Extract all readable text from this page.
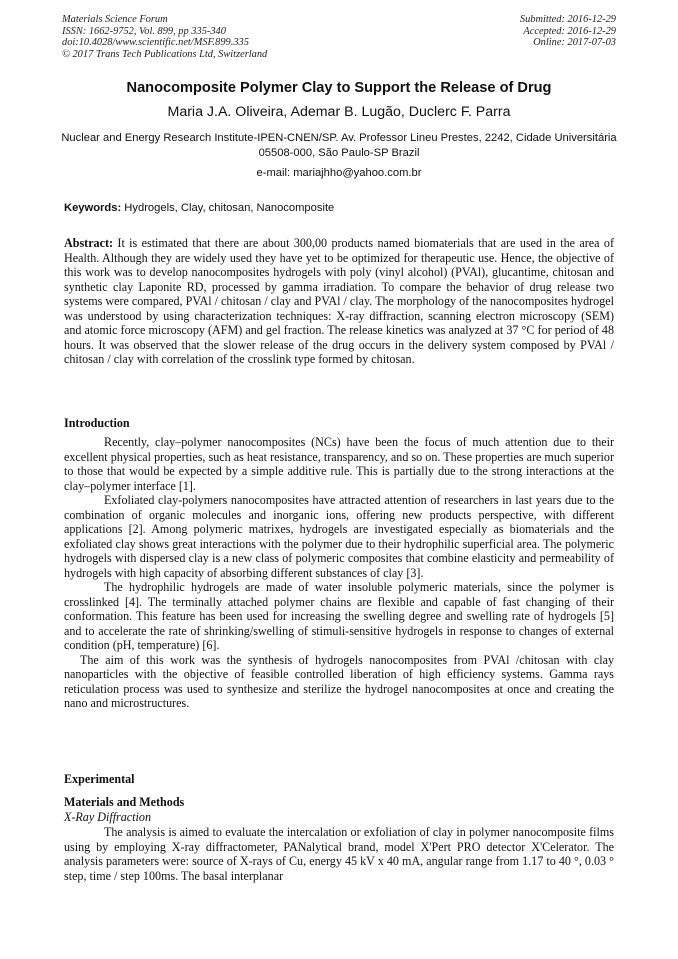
Materials Science Forum
ISSN: 1662-9752, Vol. 899, pp 335-340
doi:10.4028/www.scientific.net/MSF.899.335
© 2017 Trans Tech Publications Ltd, Switzerland
Submitted: 2016-12-29
Accepted: 2016-12-29
Online: 2017-07-03
Nanocomposite Polymer Clay to Support the Release of Drug
Maria J.A. Oliveira, Ademar B. Lugão, Duclerc F. Parra
Nuclear and Energy Research Institute-IPEN-CNEN/SP. Av. Professor Lineu Prestes, 2242, Cidade Universitária 05508-000, São Paulo-SP Brazil
e-mail: mariajhho@yahoo.com.br
Keywords: Hydrogels, Clay, chitosan, Nanocomposite
Abstract: It is estimated that there are about 300,00 products named biomaterials that are used in the area of Health. Although they are widely used they have yet to be optimized for therapeutic use. Hence, the objective of this work was to develop nanocomposites hydrogels with poly (vinyl alcohol) (PVAl), glucantime, chitosan and synthetic clay Laponite RD, processed by gamma irradiation. To compare the behavior of drug release two systems were compared, PVAl / chitosan / clay and PVAl / clay. The morphology of the nanocomposites hydrogel was understood by using characterization techniques: X-ray diffraction, scanning electron microscopy (SEM) and atomic force microscopy (AFM) and gel fraction. The release kinetics was analyzed at 37 °C for period of 48 hours. It was observed that the slower release of the drug occurs in the delivery system composed by PVAl / chitosan / clay with correlation of the crosslink type formed by chitosan.
Introduction

Recently, clay–polymer nanocomposites (NCs) have been the focus of much attention due to their excellent physical properties, such as heat resistance, transparency, and so on. These properties are much superior to those that would be expected by a simple additive rule. This is partially due to the strong interactions at the clay–polymer interface [1].

Exfoliated clay-polymers nanocomposites have attracted attention of researchers in last years due to the combination of organic molecules and inorganic ions, offering new products perspective, with different applications [2]. Among polymeric matrixes, hydrogels are investigated especially as biomaterials and the exfoliated clay shows great interactions with the polymer due to their hydrophilic superficial area. The polymeric hydrogels with dispersed clay is a new class of polymeric composites that combine elasticity and permeability of hydrogels with high capacity of absorbing different substances of clay [3].

The hydrophilic hydrogels are made of water insoluble polymeric materials, since the polymer is crosslinked [4]. The terminally attached polymer chains are flexible and capable of fast changing of their conformation. This feature has been used for increasing the swelling degree and swelling rate of hydrogels [5] and to accelerate the rate of shrinking/swelling of stimuli-sensitive hydrogels in response to changes of external condition (pH, temperature) [6].

The aim of this work was the synthesis of hydrogels nanocomposites from PVAl /chitosan with clay nanoparticles with the objective of feasible controlled liberation of high efficiency systems. Gamma rays reticulation process was used to synthesize and sterilize the hydrogel nanocomposites at once and creating the nano and microstructures.

Experimental
Materials and Methods
X-Ray Diffraction

The analysis is aimed to evaluate the intercalation or exfoliation of clay in polymer nanocomposite films using by employing X-ray diffractometer, PANalytical brand, model X'Pert PRO detector X'Celerator. The analysis parameters were: source of X-rays of Cu, energy 45 kV x 40 mA, angular range from 1.17 to 40 °, 0.03 ° step, time / step 100ms. The basal interplanar
